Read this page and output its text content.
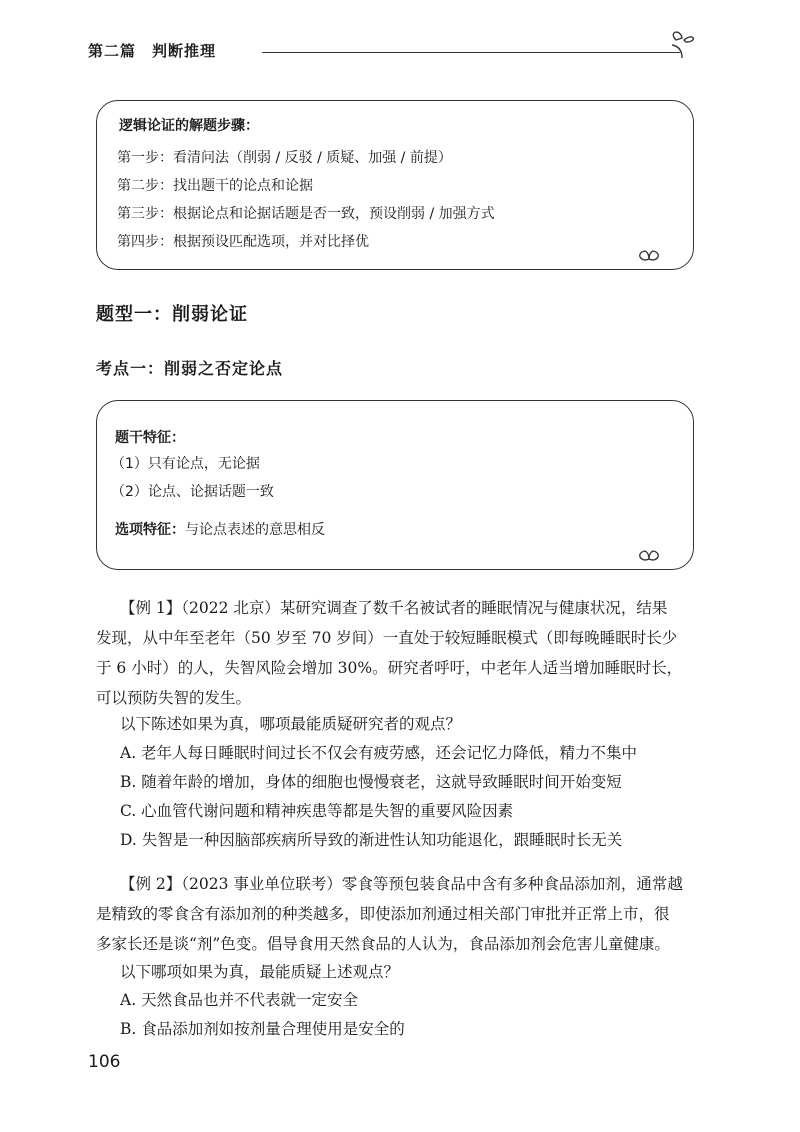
第二篇　判断推理
逻辑论证的解题步骤：
第一步：看清问法（削弱 / 反驳 / 质疑、加强 / 前提）
第二步：找出题干的论点和论据
第三步：根据论点和论据话题是否一致，预设削弱 / 加强方式
第四步：根据预设匹配选项，并对比择优
题型一：削弱论证
考点一：削弱之否定论点
题干特征：
（1）只有论点，无论据
（2）论点、论据话题一致
选项特征：与论点表述的意思相反
【例 1】（2022 北京）某研究调查了数千名被试者的睡眠情况与健康状况，结果
发现，从中年至老年（50 岁至 70 岁间）一直处于较短睡眠模式（即每晚睡眠时长少
于 6 小时）的人，失智风险会增加 30%。研究者呼吁，中老年人适当增加睡眠时长，
可以预防失智的发生。
以下陈述如果为真，哪项最能质疑研究者的观点？
A. 老年人每日睡眠时间过长不仅会有疲劳感，还会记忆力降低，精力不集中
B. 随着年龄的增加，身体的细胞也慢慢衰老，这就导致睡眠时间开始变短
C. 心血管代谢问题和精神疾患等都是失智的重要风险因素
D. 失智是一种因脑部疾病所导致的渐进性认知功能退化，跟睡眠时长无关
【例 2】（2023 事业单位联考）零食等预包装食品中含有多种食品添加剂，通常越
是精致的零食含有添加剂的种类越多，即使添加剂通过相关部门审批并正常上市，很
多家长还是谈“剂”色变。倡导食用天然食品的人认为，食品添加剂会危害儿童健康。
以下哪项如果为真，最能质疑上述观点？
A. 天然食品也并不代表就一定安全
B. 食品添加剂如按剂量合理使用是安全的
106
